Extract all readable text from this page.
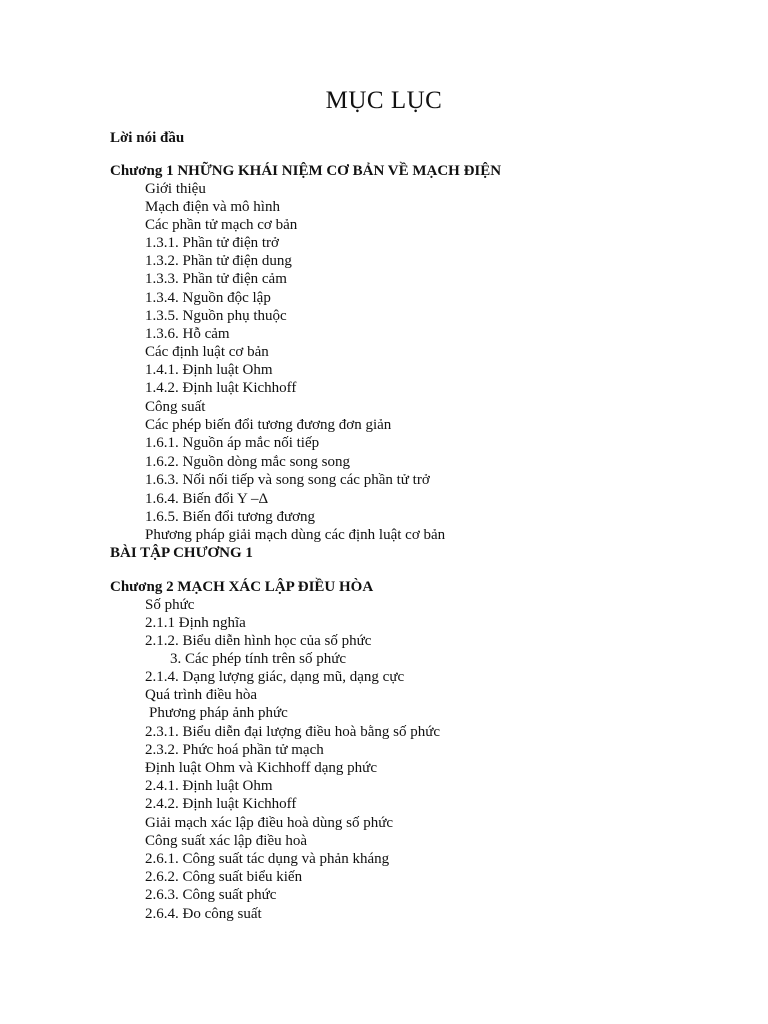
MỤC LỤC
Lời nói đầu
Chương 1 NHỮNG KHÁI NIỆM CƠ BẢN VỀ MẠCH ĐIỆN
Giới thiệu
Mạch điện và mô hình
Các phần tử mạch cơ bản
1.3.1. Phần tử điện trở
1.3.2. Phần tử điện dung
1.3.3. Phần tử điện cảm
1.3.4. Nguồn độc lập
1.3.5. Nguồn phụ thuộc
1.3.6. Hỗ cảm
Các định luật cơ bản
1.4.1. Định luật Ohm
1.4.2. Định luật Kichhoff
Công suất
Các phép biến đổi tương đương đơn giản
1.6.1. Nguồn áp mắc nối tiếp
1.6.2. Nguồn dòng mắc song song
1.6.3. Nối nối tiếp và song song các phần tử trở
1.6.4. Biến đổi Y –Δ
1.6.5. Biến đổi tương đương
Phương pháp giải mạch dùng các định luật cơ bản
BÀI TẬP CHƯƠNG 1
Chương 2 MẠCH XÁC LẬP ĐIỀU HÒA
Số phức
2.1.1 Định nghĩa
2.1.2. Biểu diễn hình học của số phức
3. Các phép tính trên số phức
2.1.4. Dạng lượng giác, dạng mũ, dạng cực
Quá trình điều hòa
Phương pháp ảnh phức
2.3.1. Biểu diễn đại lượng điều hoà bằng số phức
2.3.2. Phức hoá phần tử mạch
Định luật Ohm và Kichhoff dạng phức
2.4.1. Định luật Ohm
2.4.2. Định luật Kichhoff
Giải mạch xác lập điều hoà dùng số phức
Công suất xác lập điều hoà
2.6.1. Công suất tác dụng và phản kháng
2.6.2. Công suất biểu kiến
2.6.3. Công suất phức
2.6.4. Đo công suất
